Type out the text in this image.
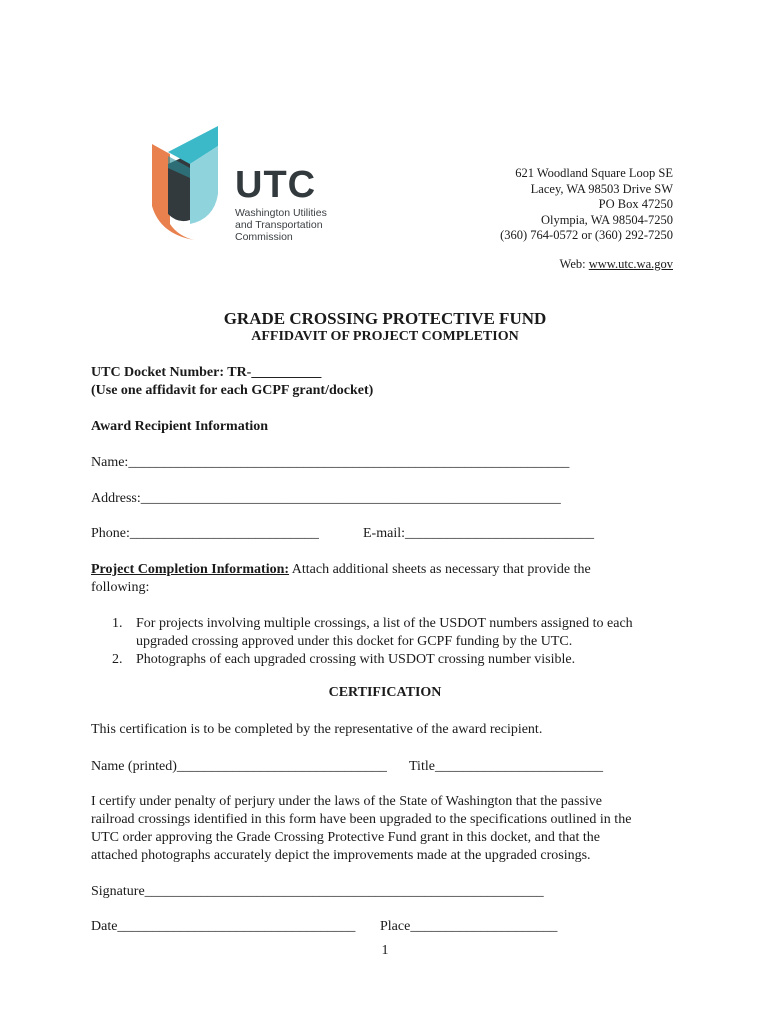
UTC
Washington Utilities
and Transportation
Commission
621 Woodland Square Loop SE
Lacey, WA 98503 Drive SW
PO Box 47250
Olympia, WA 98504-7250
(360) 764-0572 or (360) 292-7250
Web: www.utc.wa.gov
GRADE CROSSING PROTECTIVE FUND
AFFIDAVIT OF PROJECT COMPLETION
UTC Docket Number: TR-__________
(Use one affidavit for each GCPF grant/docket)
Award Recipient Information
Name:_______________________________________________________________
Address:____________________________________________________________
Phone:___________________________	E-mail:___________________________
Project Completion Information: Attach additional sheets as necessary that provide the
following:
1. For projects involving multiple crossings, a list of the USDOT numbers assigned to each
upgraded crossing approved under this docket for GCPF funding by the UTC.
2. Photographs of each upgraded crossing with USDOT crossing number visible.
CERTIFICATION
This certification is to be completed by the representative of the award recipient.
Name (printed)______________________________ Title________________________
I certify under penalty of perjury under the laws of the State of Washington that the passive
railroad crossings identified in this form have been upgraded to the specifications outlined in the
UTC order approving the Grade Crossing Protective Fund grant in this docket, and that the
attached photographs accurately depict the improvements made at the upgraded crosings.
Signature_________________________________________________________
Date__________________________________ Place_____________________
1
